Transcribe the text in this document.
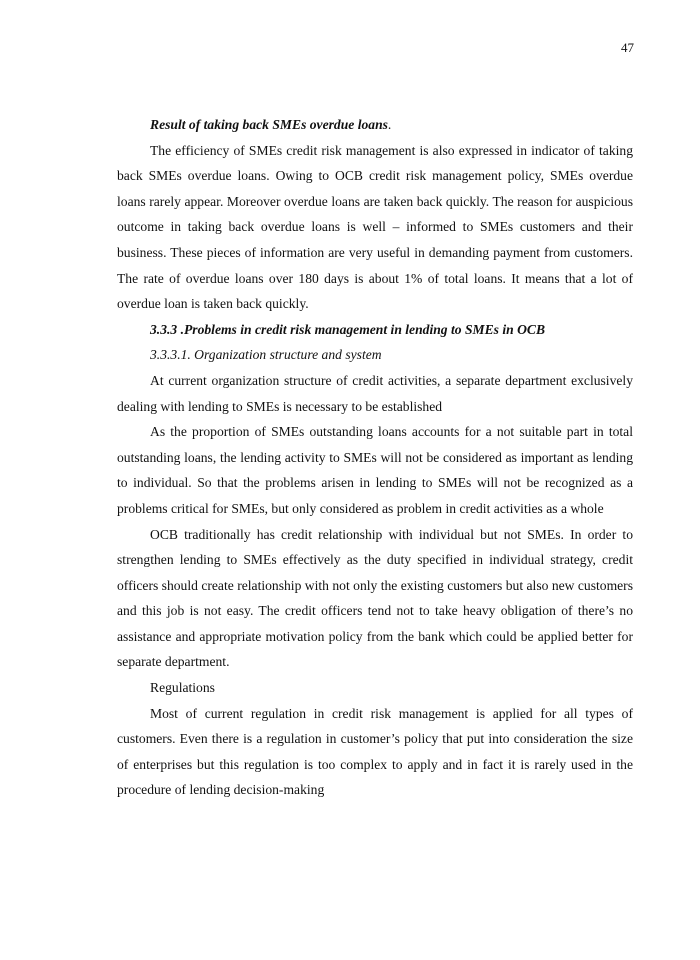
47

Result of taking back SMEs overdue loans.

The efficiency of SMEs credit risk management is also expressed in indicator of taking back SMEs overdue loans. Owing to OCB credit risk management policy, SMEs overdue loans rarely appear. Moreover overdue loans are taken back quickly. The reason for auspicious outcome in taking back overdue loans is well – informed to SMEs customers and their business. These pieces of information are very useful in demanding payment from customers. The rate of overdue loans over 180 days is about 1% of total loans. It means that a lot of overdue loan is taken back quickly.

3.3.3 .Problems in credit risk management in lending to SMEs in OCB

3.3.3.1. Organization structure and system

At current organization structure of credit activities, a separate department exclusively dealing with lending to SMEs is necessary to be established

As the proportion of SMEs outstanding loans accounts for a not suitable part in total outstanding loans, the lending activity to SMEs will not be considered as important as lending to individual. So that the problems arisen in lending to SMEs will not be recognized as a problems critical for SMEs, but only considered as problem in credit activities as a whole

OCB traditionally has credit relationship with individual but not SMEs. In order to strengthen lending to SMEs effectively as the duty specified in individual strategy, credit officers should create relationship with not only the existing customers but also new customers and this job is not easy. The credit officers tend not to take heavy obligation of there’s no assistance and appropriate motivation policy from the bank which could be applied better for separate department.

Regulations

Most of current regulation in credit risk management is applied for all types of customers. Even there is a regulation in customer’s policy that put into consideration the size of enterprises but this regulation is too complex to apply and in fact it is rarely used in the procedure of lending decision-making
